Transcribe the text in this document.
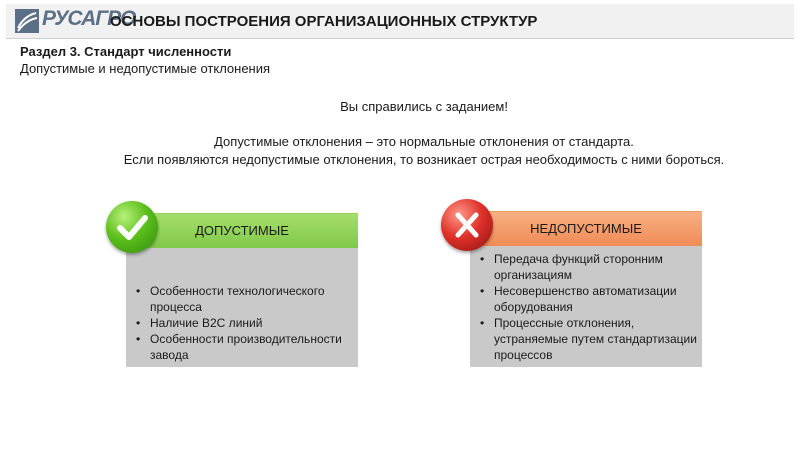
РУСАГРО
ОСНОВЫ ПОСТРОЕНИЯ ОРГАНИЗАЦИОННЫХ СТРУКТУР
Раздел 3. Стандарт численности
Допустимые и недопустимые отклонения

Вы справились с заданием!

Допустимые отклонения – это нормальные отклонения от стандарта.

Если появляются недопустимые отклонения, то возникает острая необходимость с ними бороться.

• Особенности технологического процесса
• Наличие B2C линий
• Особенности производительности завода
ДОПУСТИМЫЕ
• Передача функций сторонним организациям
• Несовершенство автоматизации оборудования
• Процессные отклонения, устраняемые путем стандартизации процессов
НЕДОПУСТИМЫЕ
